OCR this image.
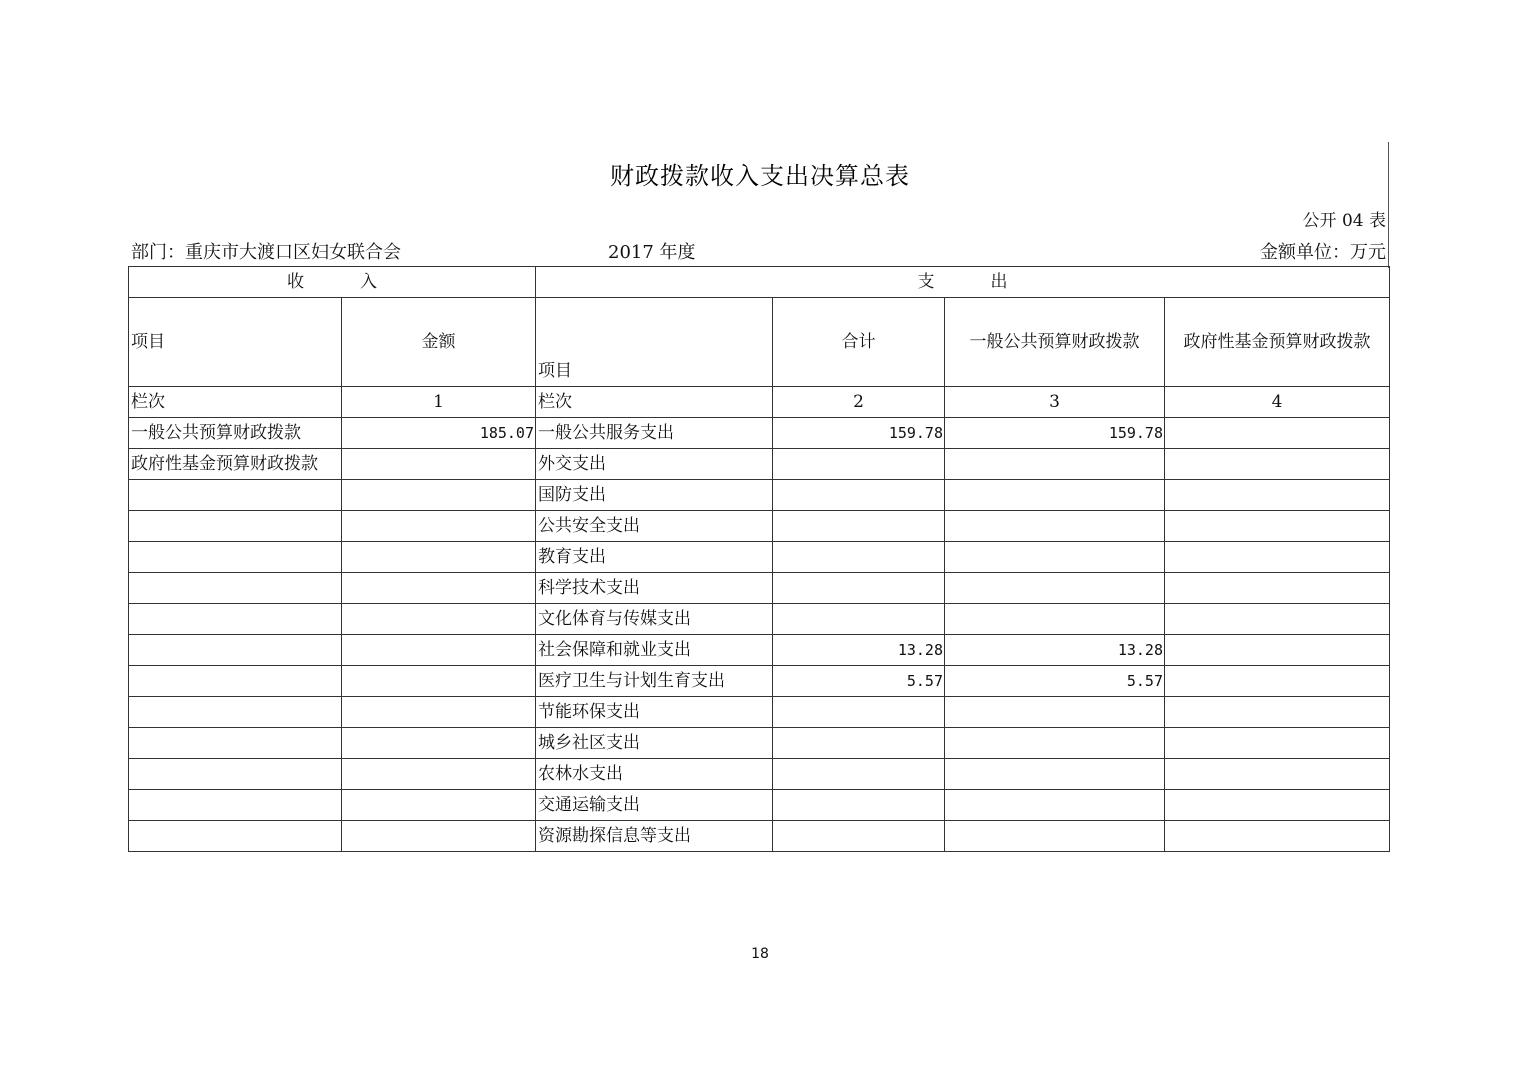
财政拨款收入支出决算总表
公开 04 表
部门：重庆市大渡口区妇女联合会	2017 年度	金额单位：万元
收 入		支 出			
项目	金额	项目	合计	一般公共预算财政拨款	政府性基金预算财政拨款
栏次	1	栏次	2	3	4
一般公共预算财政拨款	185.07	一般公共服务支出	159.78	159.78	
政府性基金预算财政拨款		外交支出			
		国防支出			
		公共安全支出			
		教育支出			
		科学技术支出			
		文化体育与传媒支出			
		社会保障和就业支出	13.28	13.28	
		医疗卫生与计划生育支出	5.57	5.57	
		节能环保支出			
		城乡社区支出			
		农林水支出			
		交通运输支出			
		资源勘探信息等支出			
18
